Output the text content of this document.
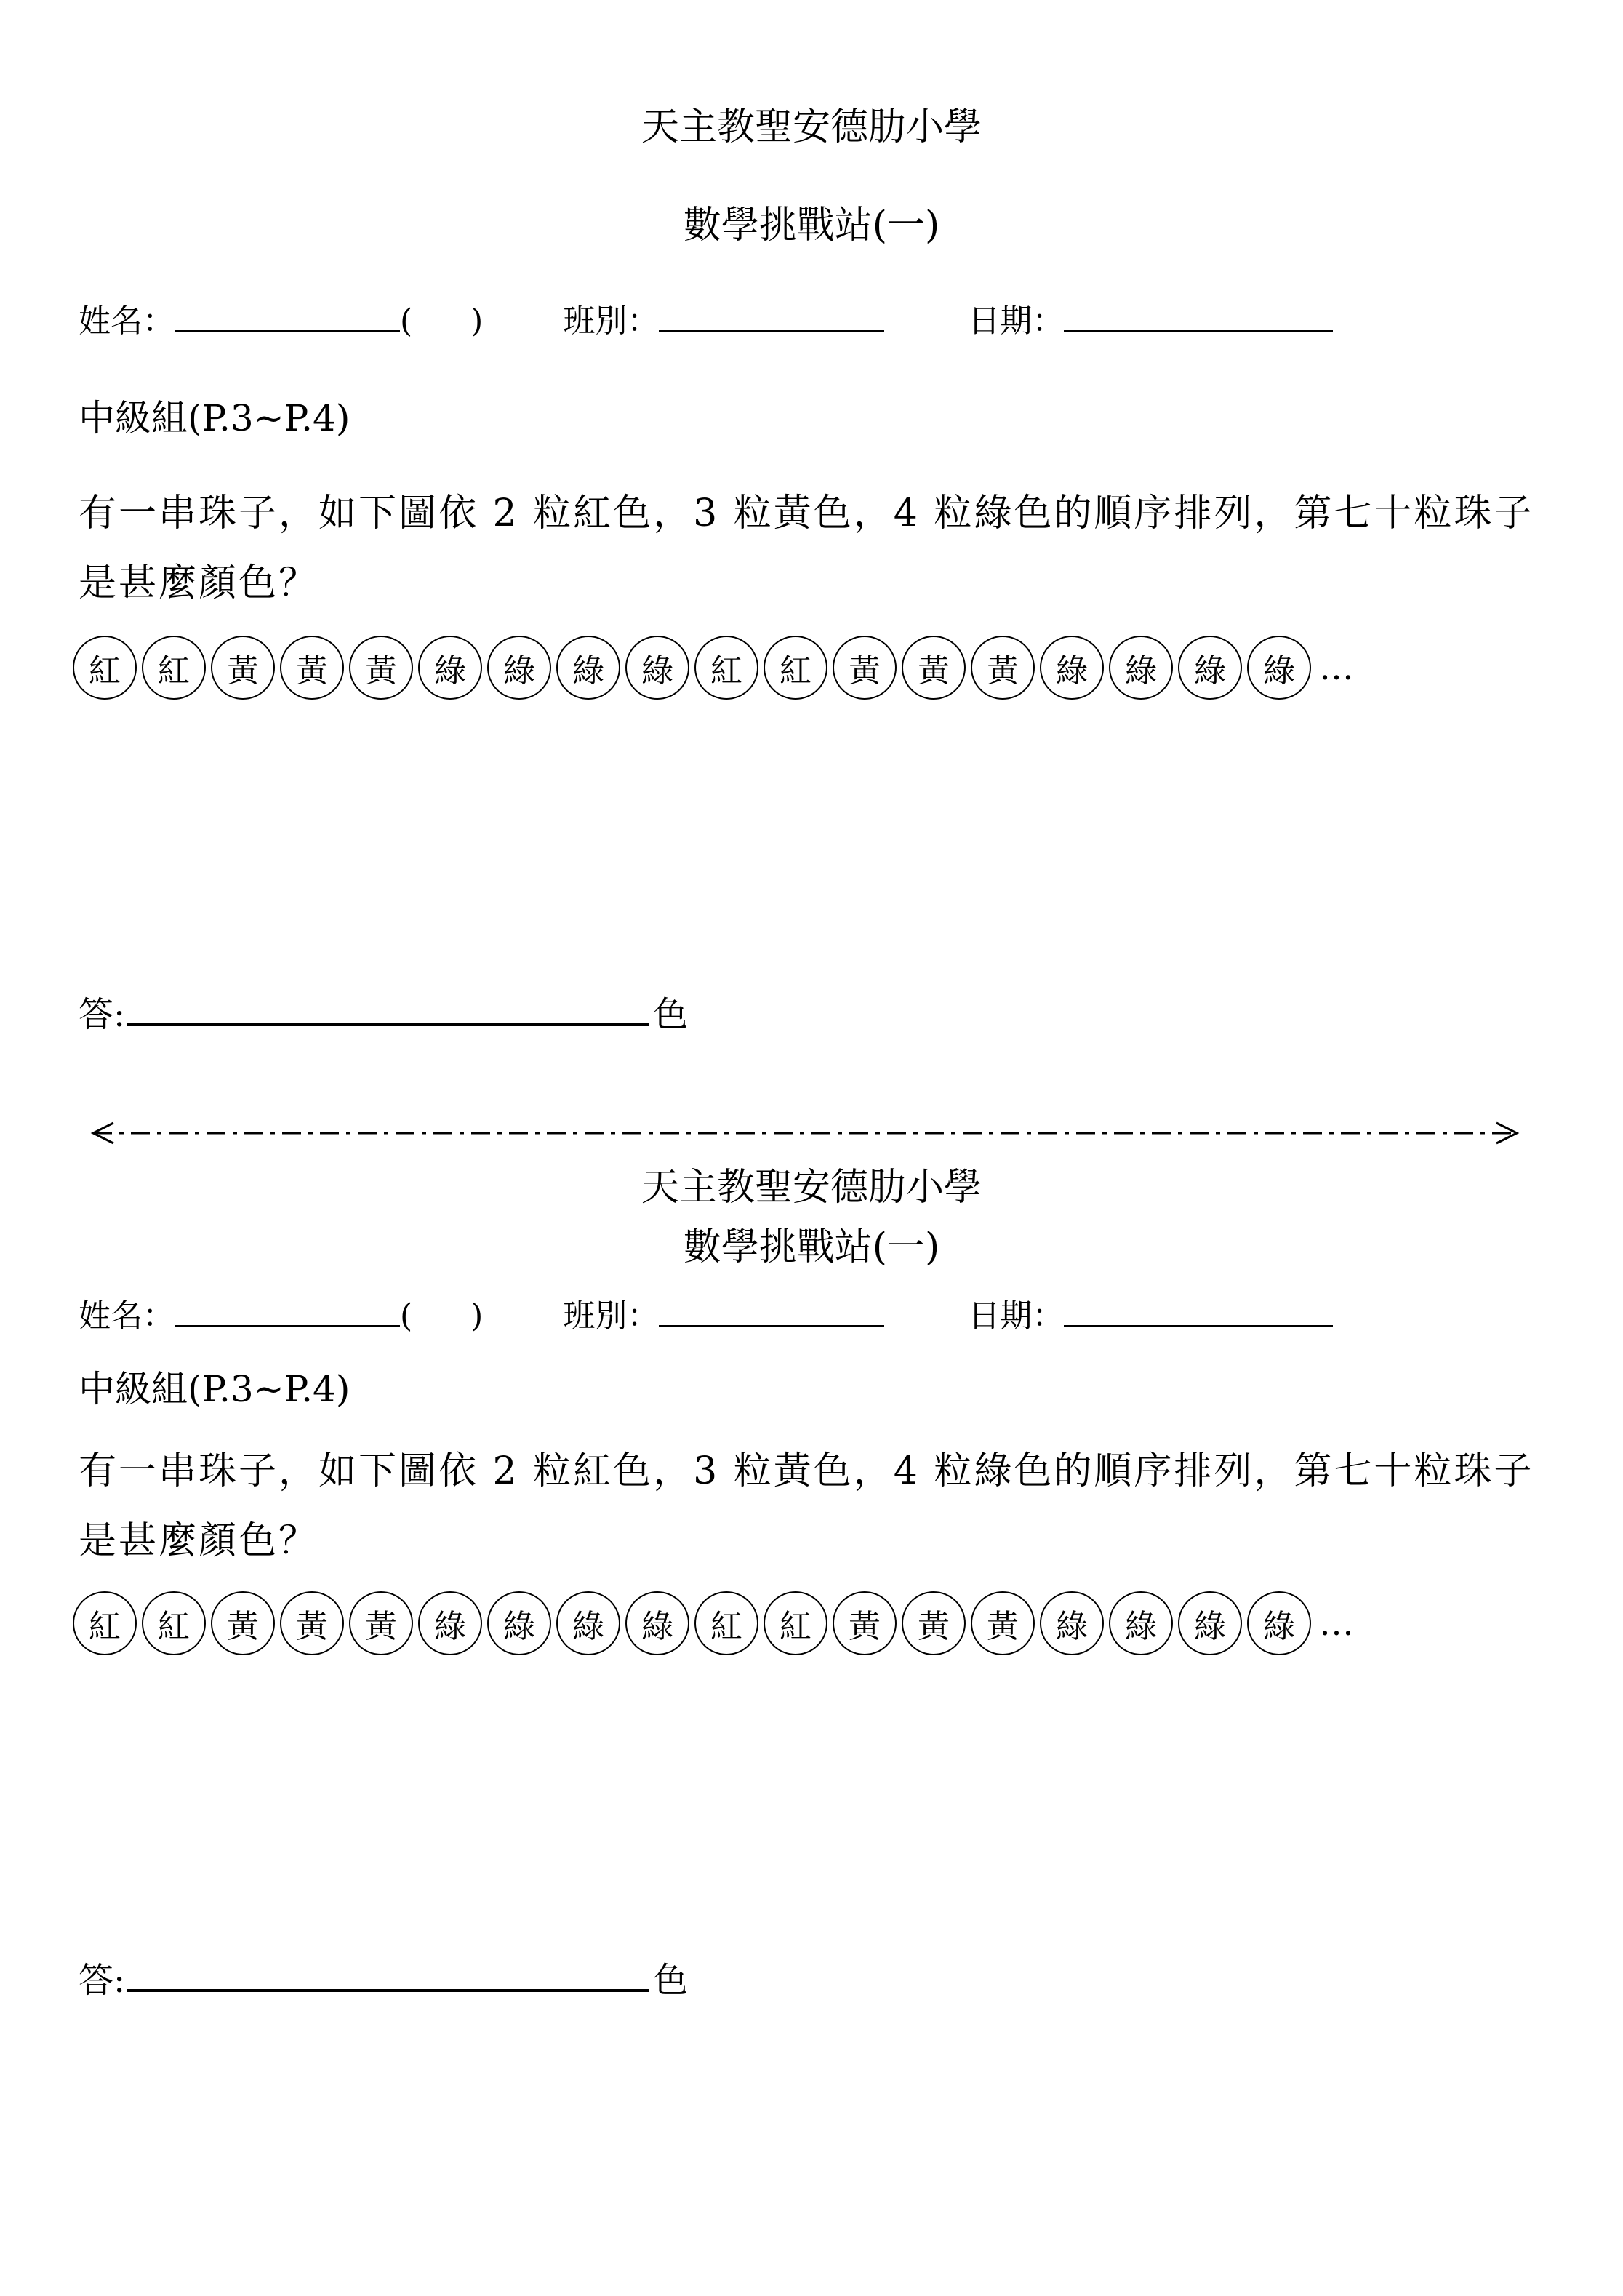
天主教聖安德肋小學
數學挑戰站(一)
姓名：	( )	班別：	日期：
中級組(P.3~P.4)
有一串珠子，如下圖依 2 粒紅色，3 粒黃色，4 粒綠色的順序排列，第七十粒珠子是甚麼顏色？
紅	紅	黃	黃	黃	綠	綠	綠	綠	紅	紅	黃	黃	黃	綠	綠	綠	綠 …
答:	色
天主教聖安德肋小學
數學挑戰站(一)
姓名：	( )	班別：	日期：
中級組(P.3~P.4)
有一串珠子，如下圖依 2 粒紅色，3 粒黃色，4 粒綠色的順序排列，第七十粒珠子是甚麼顏色？
紅	紅	黃	黃	黃	綠	綠	綠	綠	紅	紅	黃	黃	黃	綠	綠	綠	綠 …
答:	色
